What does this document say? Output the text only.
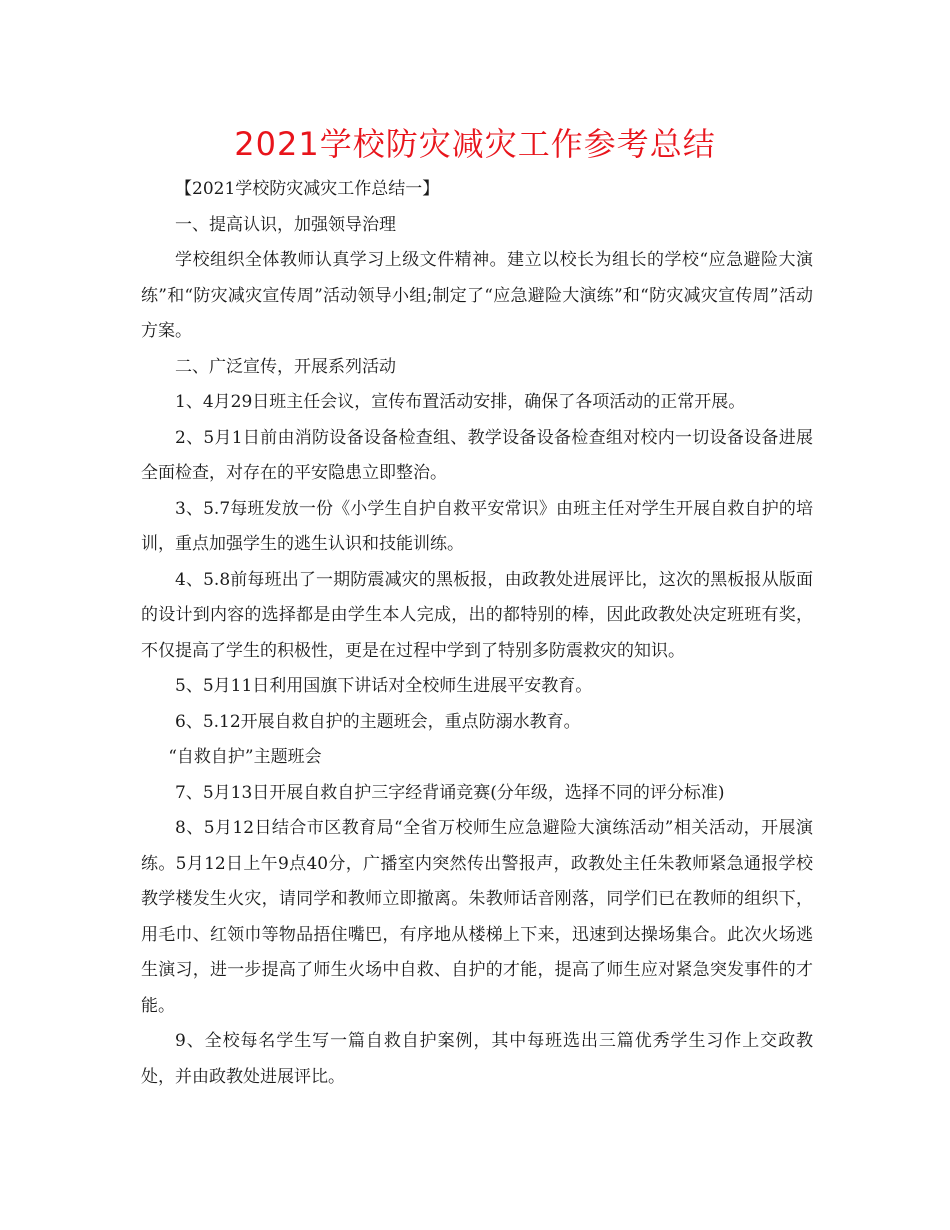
2021学校防灾减灾工作参考总结

【2021学校防灾减灾工作总结一】

一、提高认识，加强领导治理

学校组织全体教师认真学习上级文件精神。建立以校长为组长的学校“应急避险大演练”和“防灾减灾宣传周”活动领导小组;制定了“应急避险大演练”和“防灾减灾宣传周”活动方案。

二、广泛宣传，开展系列活动

1、4月29日班主任会议，宣传布置活动安排，确保了各项活动的正常开展。

2、5月1日前由消防设备设备检查组、教学设备设备检查组对校内一切设备设备进展全面检查，对存在的平安隐患立即整治。

3、5.7每班发放一份《小学生自护自救平安常识》由班主任对学生开展自救自护的培训，重点加强学生的逃生认识和技能训练。

4、5.8前每班出了一期防震减灾的黑板报，由政教处进展评比，这次的黑板报从版面的设计到内容的选择都是由学生本人完成，出的都特别的棒，因此政教处决定班班有奖，不仅提高了学生的积极性，更是在过程中学到了特别多防震救灾的知识。

5、5月11日利用国旗下讲话对全校师生进展平安教育。

6、5.12开展自救自护的主题班会，重点防溺水教育。

“自救自护”主题班会

7、5月13日开展自救自护三字经背诵竞赛(分年级，选择不同的评分标准)

8、5月12日结合市区教育局“全省万校师生应急避险大演练活动”相关活动，开展演练。5月12日上午9点40分，广播室内突然传出警报声，政教处主任朱教师紧急通报学校教学楼发生火灾，请同学和教师立即撤离。朱教师话音刚落，同学们已在教师的组织下，用毛巾、红领巾等物品捂住嘴巴，有序地从楼梯上下来，迅速到达操场集合。此次火场逃生演习，进一步提高了师生火场中自救、自护的才能，提高了师生应对紧急突发事件的才能。

9、全校每名学生写一篇自救自护案例，其中每班选出三篇优秀学生习作上交政教处，并由政教处进展评比。
